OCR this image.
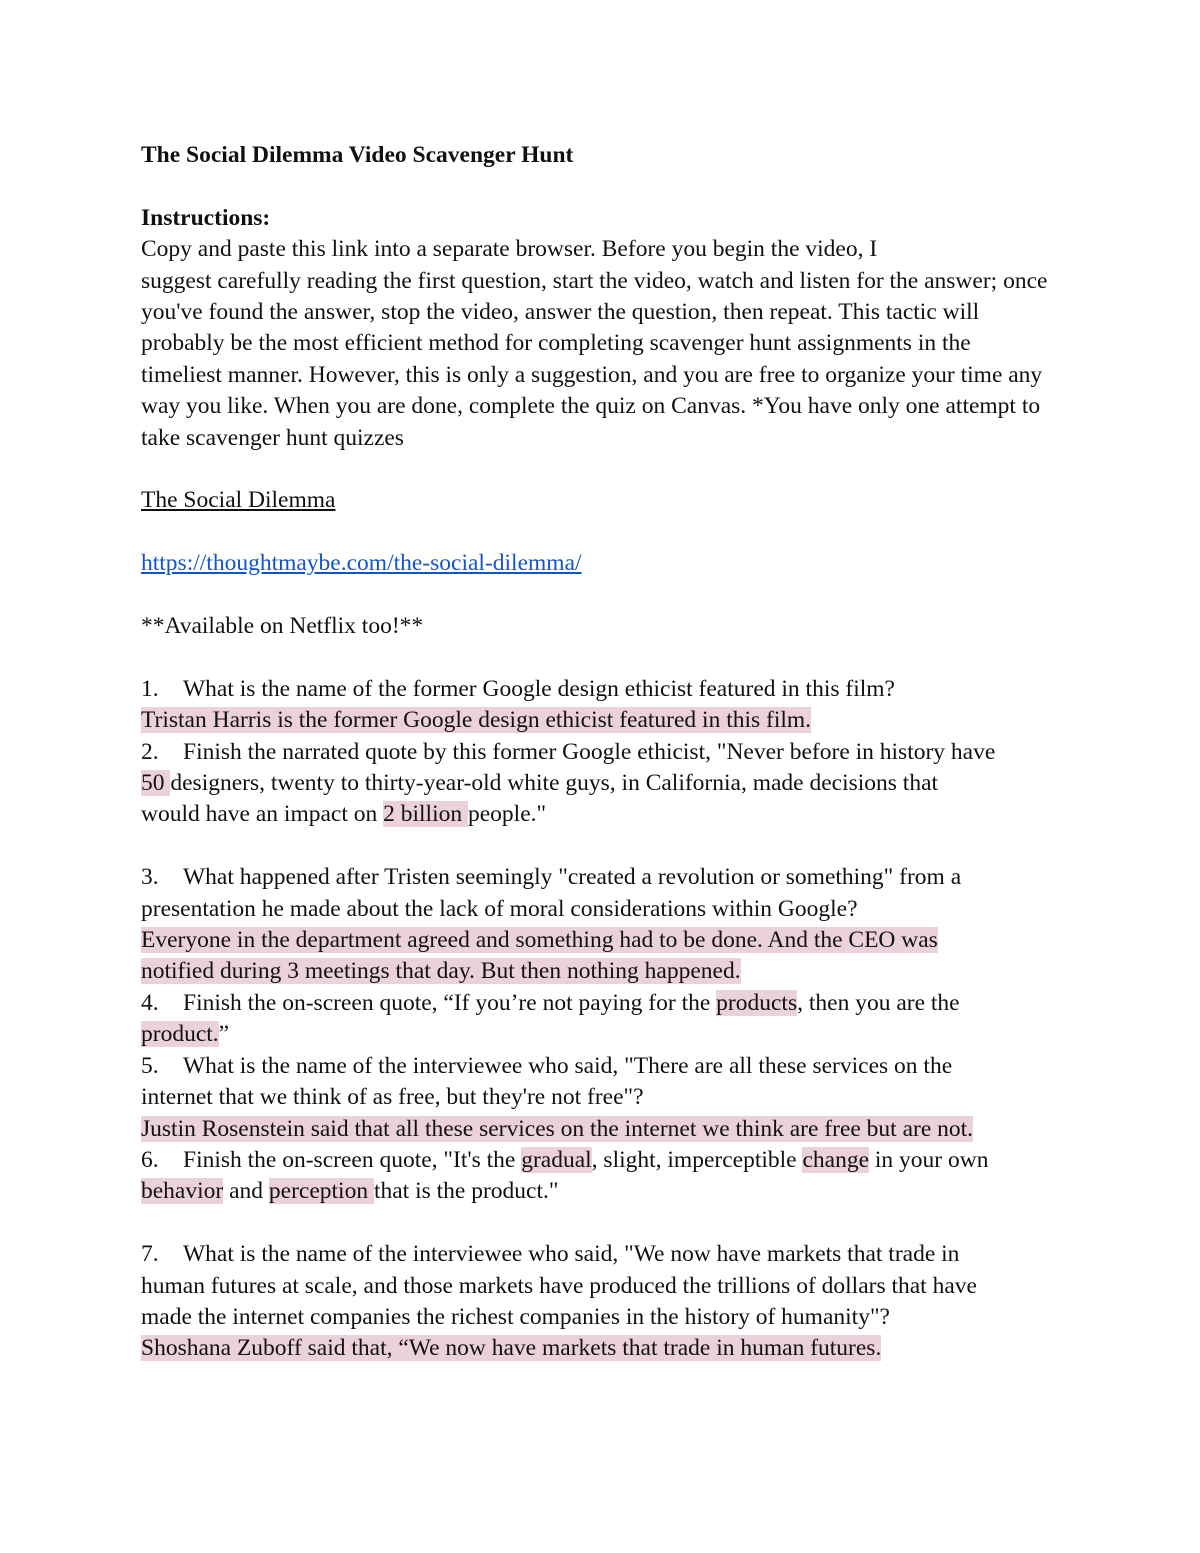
The Social Dilemma Video Scavenger Hunt
Instructions:
Copy and paste this link into a separate browser. Before you begin the video, I
suggest carefully reading the first question, start the video, watch and listen for the answer; once
you've found the answer, stop the video, answer the question, then repeat. This tactic will
probably be the most efficient method for completing scavenger hunt assignments in the
timeliest manner. However, this is only a suggestion, and you are free to organize your time any
way you like. When you are done, complete the quiz on Canvas. *You have only one attempt to
take scavenger hunt quizzes
The Social Dilemma
https://thoughtmaybe.com/the-social-dilemma/
**Available on Netflix too!**
1. What is the name of the former Google design ethicist featured in this film?
Tristan Harris is the former Google design ethicist featured in this film.
2. Finish the narrated quote by this former Google ethicist, "Never before in history have
50 designers, twenty to thirty-year-old white guys, in California, made decisions that
would have an impact on 2 billion people."
3. What happened after Tristen seemingly "created a revolution or something" from a
presentation he made about the lack of moral considerations within Google?
Everyone in the department agreed and something had to be done. And the CEO was
notified during 3 meetings that day. But then nothing happened.
4. Finish the on-screen quote, “If you’re not paying for the products, then you are the
product.”
5. What is the name of the interviewee who said, "There are all these services on the
internet that we think of as free, but they're not free"?
Justin Rosenstein said that all these services on the internet we think are free but are not.
6. Finish the on-screen quote, "It's the gradual, slight, imperceptible change in your own
behavior and perception that is the product."
7. What is the name of the interviewee who said, "We now have markets that trade in
human futures at scale, and those markets have produced the trillions of dollars that have
made the internet companies the richest companies in the history of humanity"?
Shoshana Zuboff said that, “We now have markets that trade in human futures.
